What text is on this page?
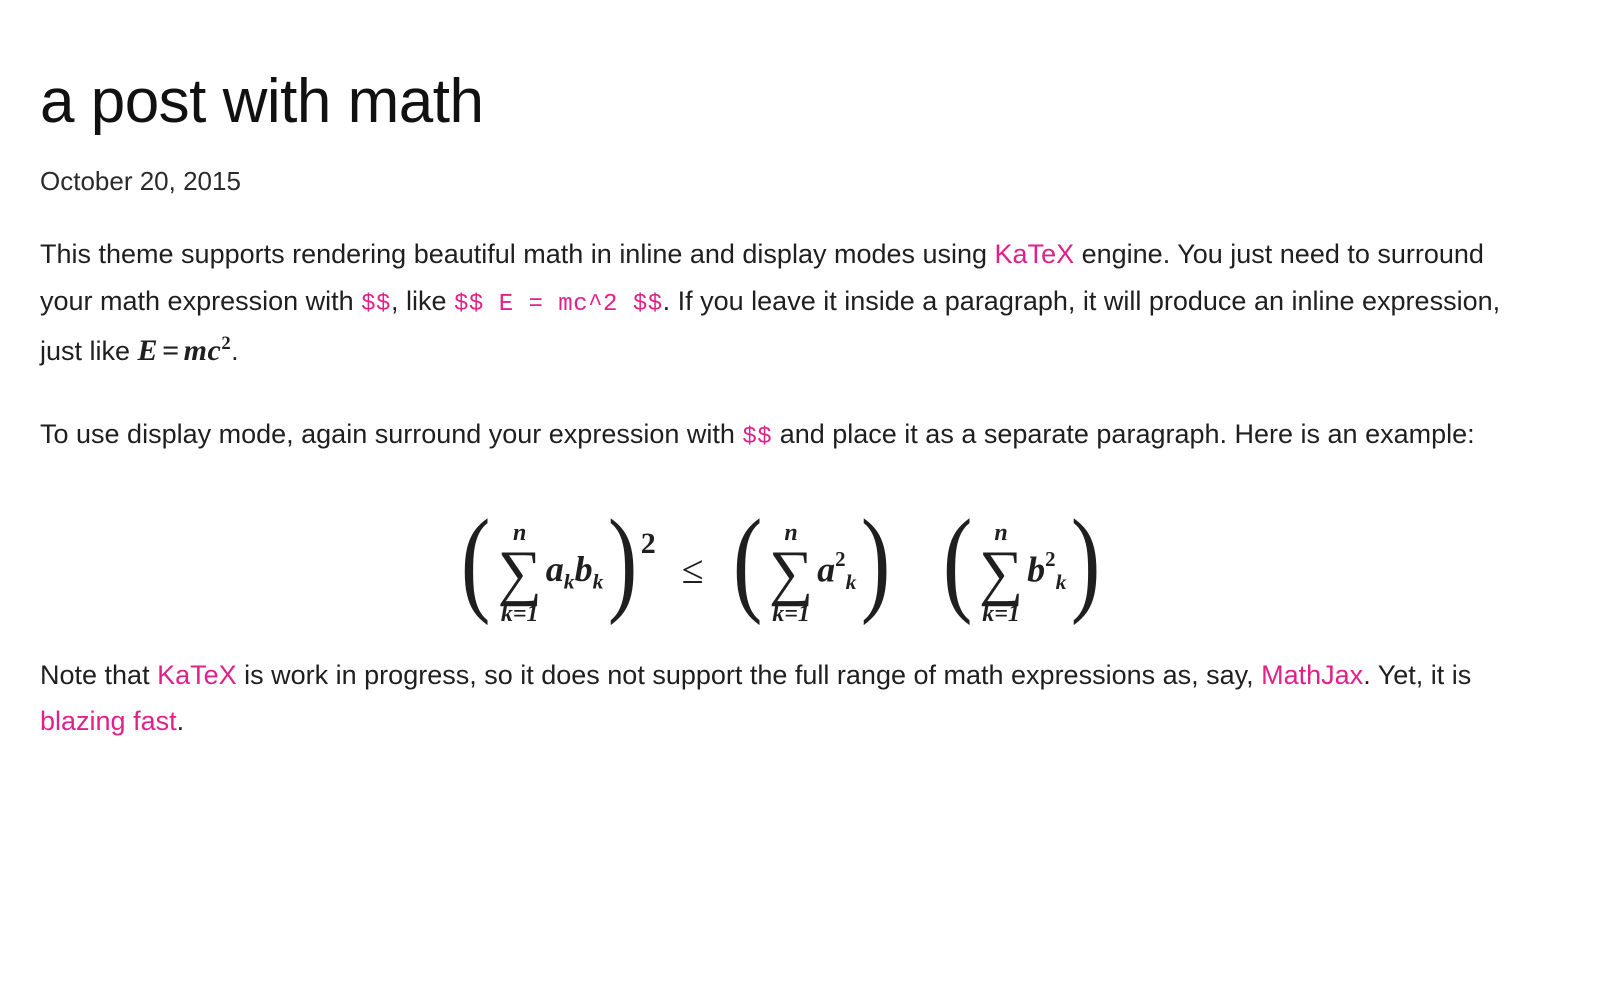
a post with math
October 20, 2015

This theme supports rendering beautiful math in inline and display modes using KaTeX engine. You just need to surround your math expression with $$, like $$ E = mc^2 $$. If you leave it inside a paragraph, it will produce an inline expression, just like $E = mc^2$.

To use display mode, again surround your expression with $$ and place it as a separate paragraph. Here is an example:

( n
∑
k=1
$a_kb_k$ ) 2
≤ ( n
∑
k=1
$a^2_k$ ) ( n
∑
k=1
$b^2_k$ )

Note that KaTeX is work in progress, so it does not support the full range of math expressions as, say, MathJax. Yet, it is blazing fast.
